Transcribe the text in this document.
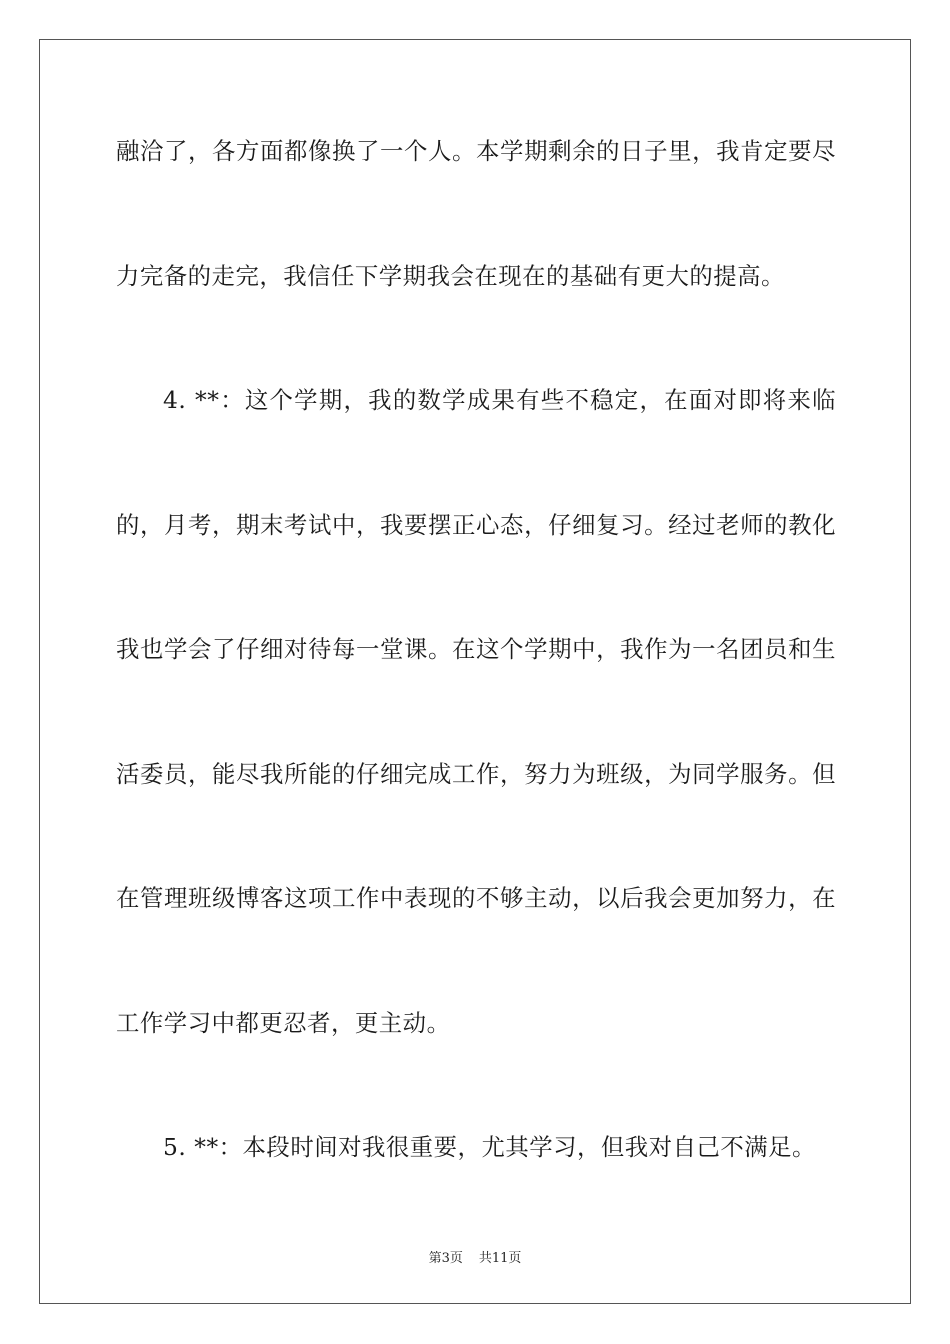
融洽了，各方面都像换了一个人。本学期剩余的日子里，我肯定要尽
力完备的走完，我信任下学期我会在现在的基础有更大的提高。
4. **：这个学期，我的数学成果有些不稳定，在面对即将来临
的，月考，期末考试中，我要摆正心态，仔细复习。经过老师的教化
我也学会了仔细对待每一堂课。在这个学期中，我作为一名团员和生
活委员，能尽我所能的仔细完成工作，努力为班级，为同学服务。但
在管理班级博客这项工作中表现的不够主动，以后我会更加努力，在
工作学习中都更忍者，更主动。
5. **：本段时间对我很重要，尤其学习，但我对自己不满足。
第3页 共11页
